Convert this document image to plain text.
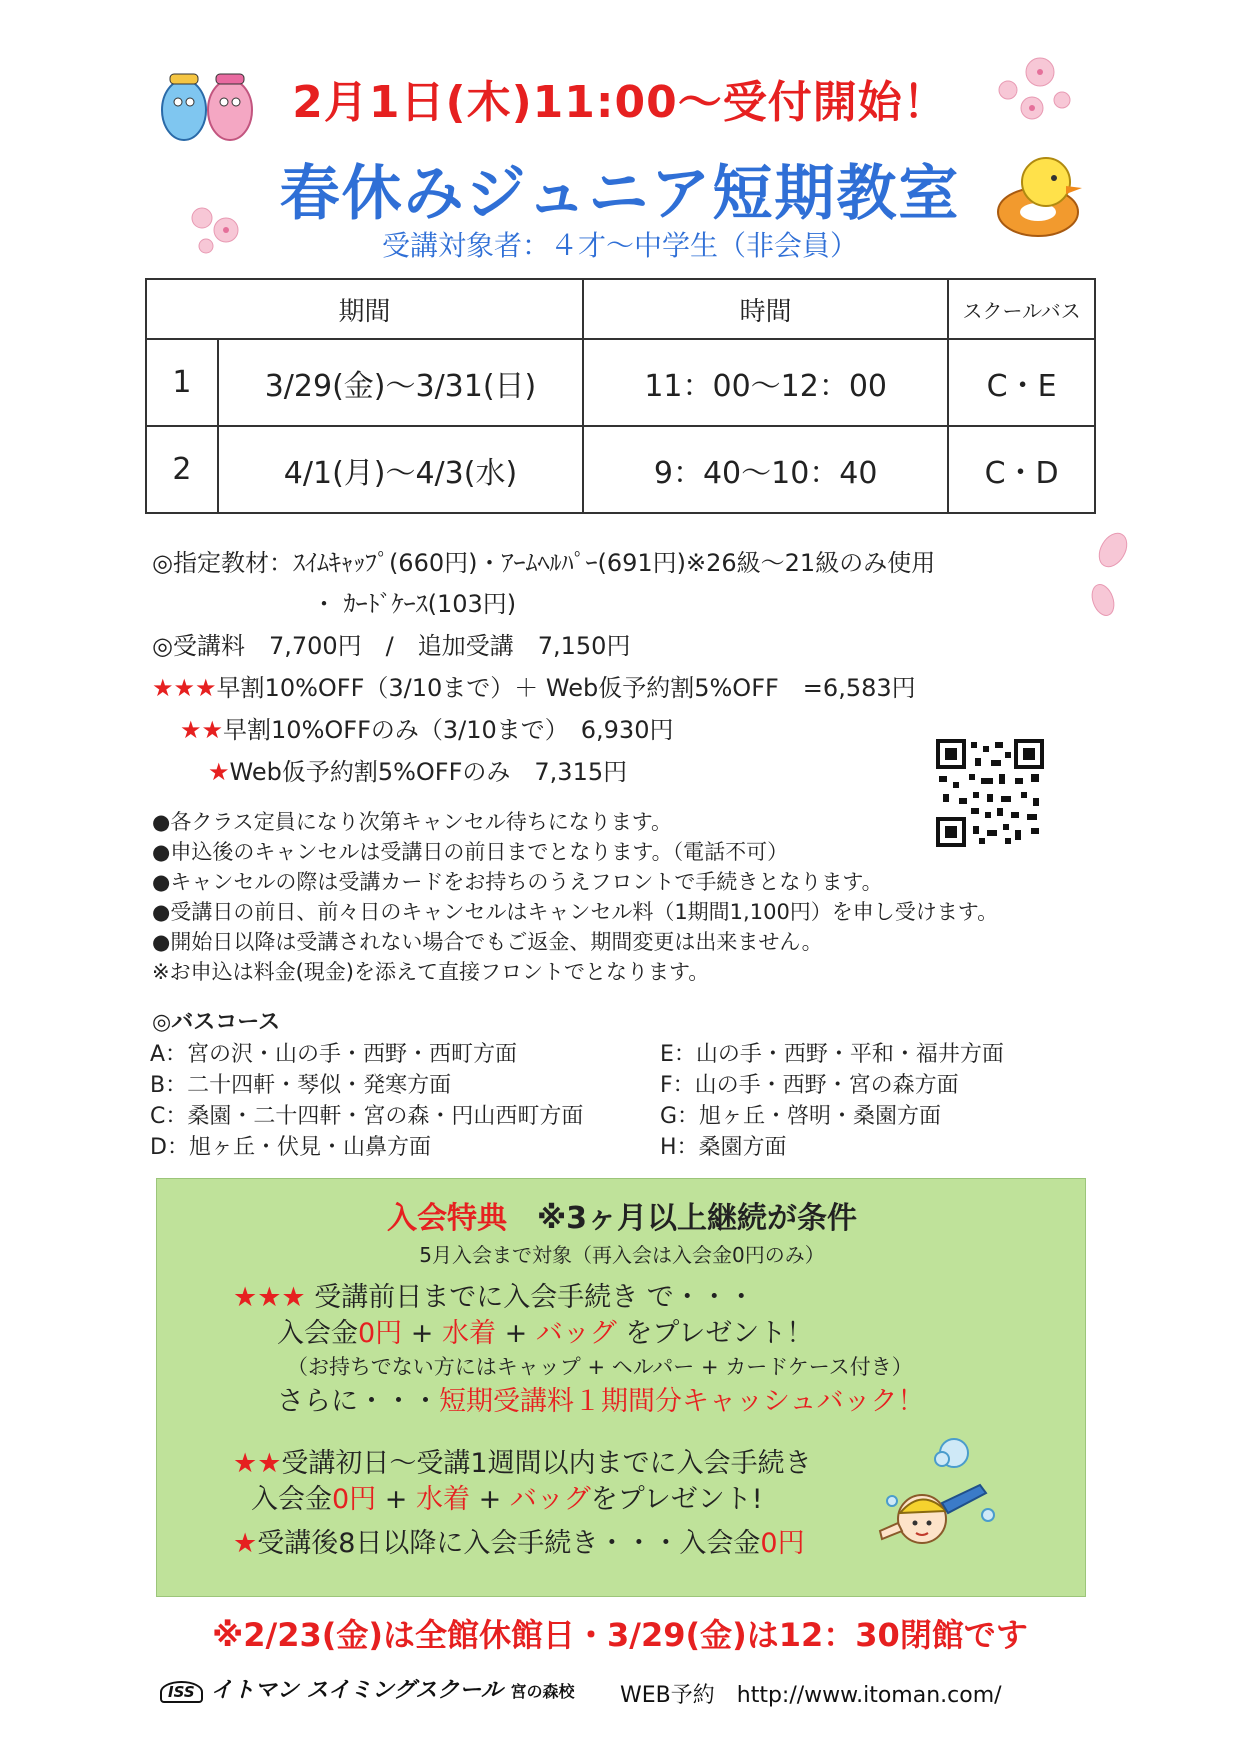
2月1日(木)11:00～受付開始！
春休みジュニア短期教室
受講対象者：４才～中学生（非会員）
期間		時間	スクールバス
1	3/29(金)～3/31(日)	11：00～12：00	C・E
2	4/1(月)～4/3(水)	9：40～10：40	C・D
◎指定教材：ｽｲﾑｷｬｯﾌﾟ(660円)・ｱｰﾑﾍﾙﾊﾟｰ(691円)※26級～21級のみ使用
・ ｶｰﾄﾞｹｰｽ(103円)
◎受講料　7,700円　/　追加受講　7,150円
★★★早割10%OFF（3/10まで）＋ Web仮予約割5%OFF　=6,583円
★★早割10%OFFのみ（3/10まで）　6,930円
★Web仮予約割5%OFFのみ　7,315円
●各クラス定員になり次第キャンセル待ちになります。
●申込後のキャンセルは受講日の前日までとなります。（電話不可）
●キャンセルの際は受講カードをお持ちのうえフロントで手続きとなります。
●受講日の前日、前々日のキャンセルはキャンセル料（1期間1,100円）を申し受けます。
●開始日以降は受講されない場合でもご返金、期間変更は出来ません。
※お申込は料金(現金)を添えて直接フロントでとなります。
◎バスコース
A：宮の沢・山の手・西野・西町方面
B：二十四軒・琴似・発寒方面
C：桑園・二十四軒・宮の森・円山西町方面
D：旭ヶ丘・伏見・山鼻方面
E：山の手・西野・平和・福井方面
F：山の手・西野・宮の森方面
G：旭ヶ丘・啓明・桑園方面
H：桑園方面
入会特典　※3ヶ月以上継続が条件
5月入会まで対象（再入会は入会金0円のみ）
★★★ 受講前日までに入会手続き で・・・
入会金0円 + 水着 + バッグ をプレゼント！
（お持ちでない方にはキャップ + ヘルパー + カードケース付き）
さらに・・・短期受講料１期間分キャッシュバック！
★★受講初日～受講1週間以内までに入会手続き
入会金0円 + 水着 + バッグをプレゼント!
★受講後8日以降に入会手続き・・・入会金0円
※2/23(金)は全館休館日・3/29(金)は12：30閉館です
ISS イトマン スイミングスクール 宮の森校 WEB予約　http://www.itoman.com/
